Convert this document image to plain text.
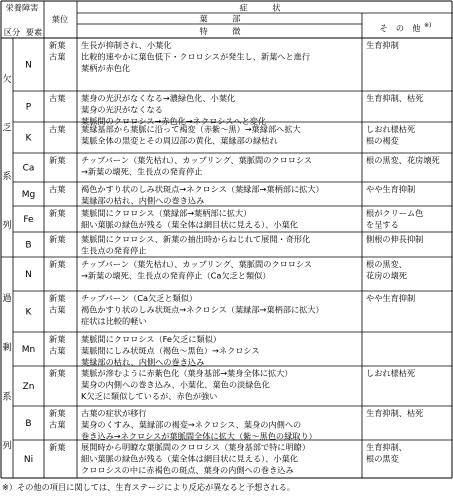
栄養障害
葉位
症　　　状
葉　　　部
特　　　徴	そ　の　他 ※)
区分 要素
欠
乏
系
列
過
剰
系
列
N
新葉
古葉
生長が抑制され、小葉化
比較的速やかに葉色低下・クロロシスが発生し、新葉へと進行
葉柄が赤色化
生育抑制
P
古葉 葉身の光沢がなくなる→濃緑色化、小葉化
葉身の光沢がなくなる
葉脈間のクロロシス→赤色化→ネクロシスへと変化
生育抑制、枯死
K
古葉 葉縁基部から葉脈に沿って褐変（赤紫～黒）→葉縁部へ拡大
葉脈全体の黒変とその周辺部の黄化、葉縁部の緑枯れ
しおれ様枯死
根の褐変
Ca
新葉 チップバーン（葉先枯れ）、カップリング、葉脈間のクロロシス
→新葉の壊死、生長点の発育停止
根の黒変、花房壊死
Mg
古葉 褐色かすり状のしみ状斑点→ネクロシス（葉縁部→葉柄部に拡大）
葉縁部の枯れ、内側への巻き込み
やや生育抑制
Fe
新葉 葉脈間にクロロシス（葉縁部→葉柄部に拡大）
細い葉脈の緑色が残る（葉全体は網目状に見える）、小葉化
根がクリーム色
を呈する
B
新葉 葉脈間にクロロシス、新葉の抽出時からねじれて展開・奇形化
生長点の発育停止
側根の伸長抑制
N
新葉 チップバーン（葉先枯れ）、カップリング、葉脈間のクロロシス
→新葉の壊死、生長点の発育停止（Ca欠乏と類似）
根の黒変、
花房の壊死
K
新葉
古葉
チップバーン（Ca欠乏と類似）
褐色かすり状のしみ状斑点→ネクロシス（葉縁部→葉柄部に拡大）
症状は比較的軽い
やや生育抑制
Mn
新葉
古葉
葉脈間にクロロシス（Fe欠乏に類似）
葉脈間にしみ状斑点（褐色～黒色）→ネクロシス
葉縁部の枯れ、内側への巻き込み
Zn
新葉 葉脈が滲むように赤紫色化（葉身基部→葉身全体に拡大）
葉身の内側への巻き込み、小葉化、葉色の淡緑色化
K欠乏に類似しているが、赤色が強い
しおれ様枯死
B
新葉
古葉
古葉の症状が移行
葉身のくすみ、葉縁部の褐変→ネクロシス、葉身の内側への
巻き込み→ネクロシスが葉脈間全体に拡大（紫～黒色の縁取り）
生育抑制、枯死
Ni
新葉 展開時から明瞭な葉脈間のクロロシス（葉身基部で特に明瞭）
細い葉脈の緑色が残る（葉全体は網目状に見える）、小葉化
クロロシスの中に赤褐色の斑点、葉身の内側への巻き込み
生育抑制、
根の黒変
※）その他の項目に関しては、生育ステージにより反応が異なると予想される。
